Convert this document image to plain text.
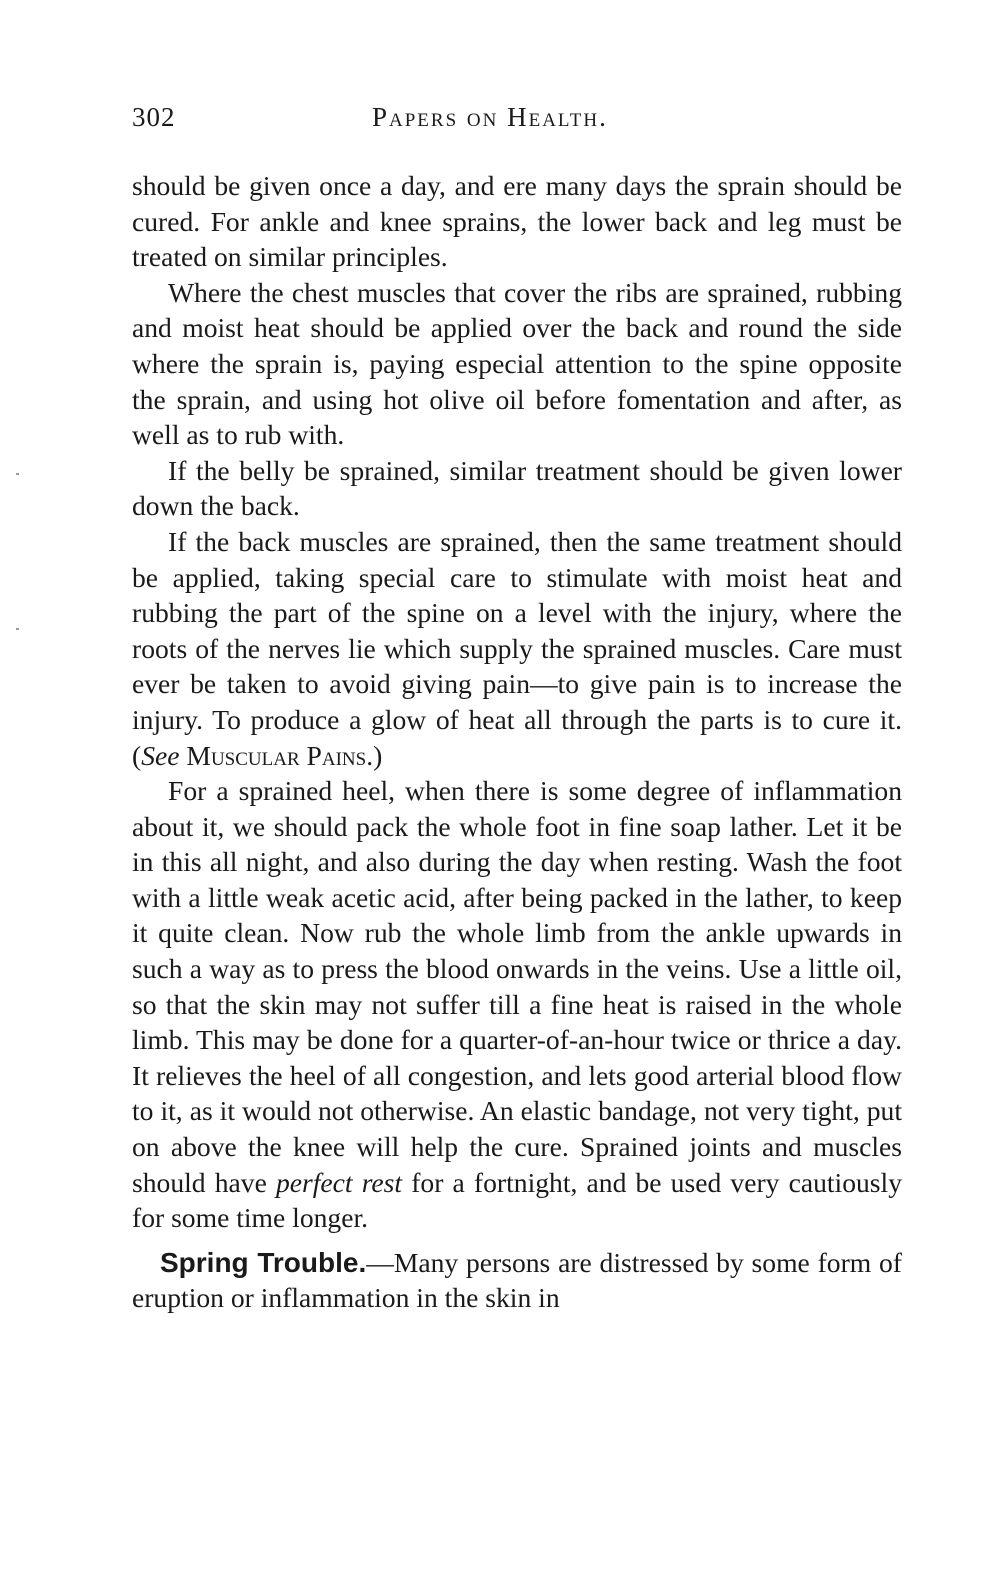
302	Papers on Health.

should be given once a day, and ere many days the sprain should be cured. For ankle and knee sprains, the lower back and leg must be treated on similar principles.

Where the chest muscles that cover the ribs are sprained, rubbing and moist heat should be applied over the back and round the side where the sprain is, paying especial attention to the spine opposite the sprain, and using hot olive oil before fomentation and after, as well as to rub with.

If the belly be sprained, similar treatment should be given lower down the back.

If the back muscles are sprained, then the same treatment should be applied, taking special care to stimulate with moist heat and rubbing the part of the spine on a level with the injury, where the roots of the nerves lie which supply the sprained muscles. Care must ever be taken to avoid giving pain—to give pain is to increase the injury. To produce a glow of heat all through the parts is to cure it. (See Muscular Pains.)

For a sprained heel, when there is some degree of inflammation about it, we should pack the whole foot in fine soap lather. Let it be in this all night, and also during the day when resting. Wash the foot with a little weak acetic acid, after being packed in the lather, to keep it quite clean. Now rub the whole limb from the ankle upwards in such a way as to press the blood onwards in the veins. Use a little oil, so that the skin may not suffer till a fine heat is raised in the whole limb. This may be done for a quarter-of-an-hour twice or thrice a day. It relieves the heel of all congestion, and lets good arterial blood flow to it, as it would not otherwise. An elastic bandage, not very tight, put on above the knee will help the cure. Sprained joints and muscles should have perfect rest for a fortnight, and be used very cautiously for some time longer.

Spring Trouble.—Many persons are distressed by some form of eruption or inflammation in the skin in
